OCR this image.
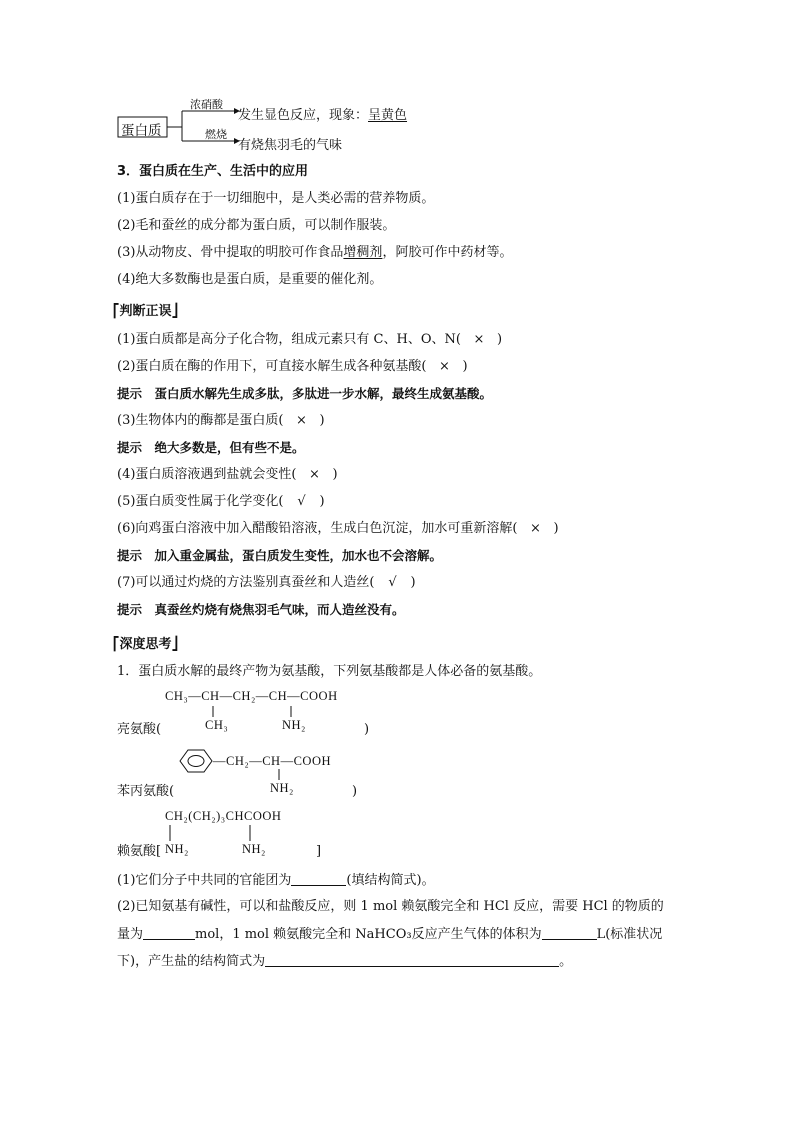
浓硝酸
发生显色反应，现象：呈黄色
蛋白质	燃烧
有烧焦羽毛的气味
3．蛋白质在生产、生活中的应用
(1)蛋白质存在于一切细胞中，是人类必需的营养物质。
(2)毛和蚕丝的成分都为蛋白质，可以制作服装。
(3)从动物皮、骨中提取的明胶可作食品增稠剂，阿胶可作中药材等。
(4)绝大多数酶也是蛋白质，是重要的催化剂。
⎡判断正误⎦
(1)蛋白质都是高分子化合物，组成元素只有 C、H、O、N( × )
(2)蛋白质在酶的作用下，可直接水解生成各种氨基酸( × )
提示　蛋白质水解先生成多肽，多肽进一步水解，最终生成氨基酸。
(3)生物体内的酶都是蛋白质( × )
提示　绝大多数是，但有些不是。
(4)蛋白质溶液遇到盐就会变性( × )
(5)蛋白质变性属于化学变化( √ )
(6)向鸡蛋白溶液中加入醋酸铅溶液，生成白色沉淀，加水可重新溶解( × )
提示　加入重金属盐，蛋白质发生变性，加水也不会溶解。
(7)可以通过灼烧的方法鉴别真蚕丝和人造丝( √ )
提示　真蚕丝灼烧有烧焦羽毛气味，而人造丝没有。
⎡深度思考⎦
1．蛋白质水解的最终产物为氨基酸，下列氨基酸都是人体必备的氨基酸。
CH₃—CH—CH₂—CH—COOH
CH₃	NH₂
亮氨酸(	)
—CH₂—CH—COOH
NH₂
苯丙氨酸(	)
CH₂(CH₂)₃CHCOOH
NH₂	NH₂
赖氨酸[	]
(1)它们分子中共同的官能团为	(填结构简式)。
(2)已知氨基有碱性，可以和盐酸反应，则 1 mol 赖氨酸完全和 HCl 反应，需要 HCl 的物质的
量为	mol，1 mol 赖氨酸完全和 NaHCO₃反应产生气体的体积为	L(标准状况
下)，产生盐的结构简式为	。
